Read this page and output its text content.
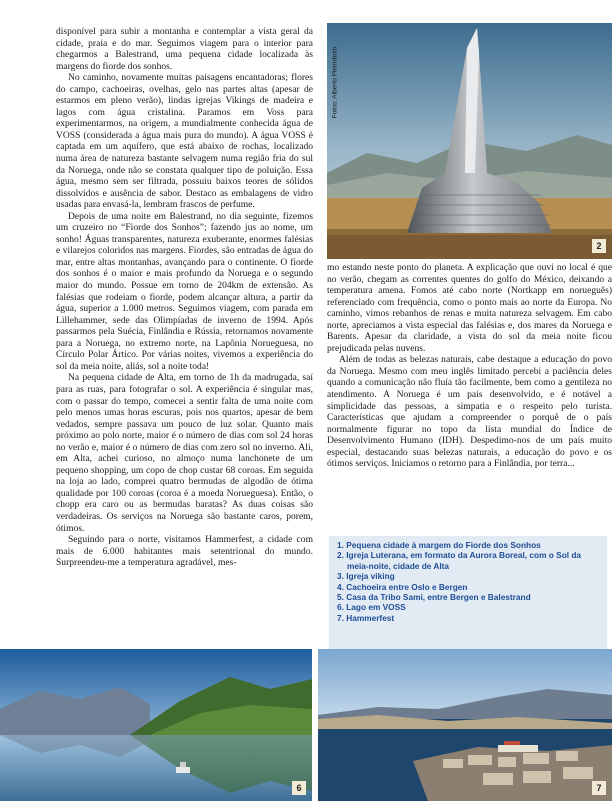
disponível para subir a montanha e contemplar a vista geral da cidade, praia e do mar. Seguimos viagem para o interior para chegarmos a Balestrand, uma pequena cidade localizada às margens do fiorde dos sonhos.

No caminho, novamente muitas paisagens encantadoras; flores do campo, cachoeiras, ovelhas, gelo nas partes altas (apesar de estarmos em pleno verão), lindas igrejas Vikings de madeira e lagos com água cristalina. Paramos em Voss para experimentarmos, na origem, a mundialmente conhecida água de VOSS (considerada a água mais pura do mundo). A água VOSS é captada em um aquífero, que está abaixo de rochas, localizado numa área de natureza bastante selvagem numa região fria do sul da Noruega, onde não se constata qualquer tipo de poluição. Essa água, mesmo sem ser filtrada, possuiu baixos teores de sólidos dissolvidos e ausência de sabor. Destaco as embalagens de vidro usadas para envasá-la, lembram frascos de perfume.

Depois de uma noite em Balestrand, no dia seguinte, fizemos um cruzeiro no “Fiorde dos Sonhos”; fazendo jus ao nome, um sonho! Águas transparentes, natureza exuberante, enormes falésias e vilarejos coloridos nas margens. Fiordes, são entradas de água do mar, entre altas montanhas, avançando para o continente. O fiorde dos sonhos é o maior e mais profundo da Noruega e o segundo maior do mundo. Possue em torno de 204km de extensão. As falésias que rodeiam o fiorde, podem alcançar altura, a partir da água, superior a 1.000 metros. Seguimos viagem, com parada em Lillehammer, sede das Olimpíadas de inverno de 1994. Após passarmos pela Suécia, Finlândia e Rússia, retornamos novamente para a Noruega, no extremo norte, na Lapônia Norueguesa, no Círculo Polar Ártico. Por várias noites, vivemos a experiência do sol da meia noite, aliás, sol a noite toda!

Na pequena cidade de Alta, em torno de 1h da madrugada, saí para as ruas, para fotografar o sol. A experiência é singular mas, com o passar do tempo, comecei a sentir falta de uma noite com pelo menos umas horas escuras, pois nos quartos, apesar de bem vedados, sempre passava um pouco de luz solar. Quanto mais próximo ao polo norte, maior é o número de dias com sol 24 horas no verão e, maior é o número de dias com zero sol no inverno. Ali, em Alta, achei curioso, no almoço numa lanchonete de um pequeno shopping, um copo de chop custar 68 coroas. Em seguida na loja ao lado, comprei quatro bermudas de algodão de ótima qualidade por 100 coroas (coroa é a moeda Norueguesa). Então, o chopp era caro ou as bermudas baratas? As duas coisas são verdadeiras. Os serviços na Noruega são bastante caros, porem, ótimos.

Seguindo para o norte, visitamos Hammerfest, a cidade com mais de 6.000 habitantes mais setentrional do mundo. Surpreendeu-me a temperatura agradável, mes-

Fotos: Alberto Pietrobom
2

mo estando neste ponto do planeta. A explicação que ouvi no local é que no verão, chegam as correntes quentes do golfo do México, deixando a temperatura amena. Fomos até cabo norte (Nortkapp em norueguês) referenciado com frequência, como o ponto mais ao norte da Europa. No caminho, vimos rebanhos de renas e muita natureza selvagem. Em cabo norte, apreciamos a vista especial das falésias e, dos mares da Noruega e Barents. Apesar da claridade, a vista do sol da meia noite ficou prejudicada pelas nuvens.

Além de todas as belezas naturais, cabe destaque a educação do povo da Noruega. Mesmo com meu inglês limitado percebi a paciência deles quando a comunicação não fluía tão facilmente, bem como a gentileza no atendimento. A Noruega é um país desenvolvido, e é notável a simplicidade das pessoas, a simpatia e o respeito pelo turista. Características que ajudam a compreender o porquê de o país normalmente figurar no topo da lista mundial do Índice de Desenvolvimento Humano (IDH). Despedimo-nos de um país muito especial, destacando suas belezas naturais, a educação do povo e os ótimos serviços. Iniciamos o retorno para a Finlândia, por terra...

1. Pequena cidade à margem do Fiorde dos Sonhos
2. Igreja Luterana, em formato da Aurora Boreal, com o Sol da meia-noite, cidade de Alta
3. Igreja viking
4. Cachoeira entre Oslo e Bergen
5. Casa da Tribo Sami, entre Bergen e Balestrand
6. Lago em VOSS
7. Hammerfest
6	7
